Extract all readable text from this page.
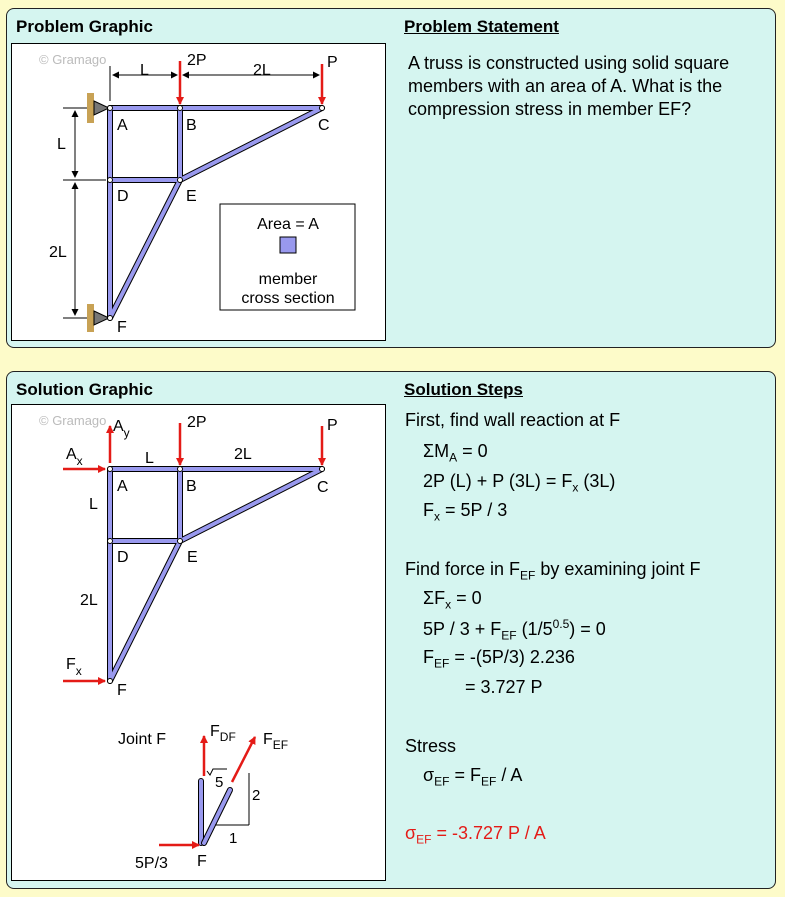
Problem Graphic	Problem Statement

A truss is constructed using solid square members with an area of A. What is the compression stress in member EF?

© Gramago
L	2L
L
2L
2P	P
A	B	C
D	E
F
Area = A
member
cross section
Solution Graphic	Solution Steps
© Gramago $A_y$
$A_x$
$F_x$
2P	P
L	2L
L
2L
A	B	C
D	E
F
Joint F	$F_{DF}$ $F_{EF}$
5
2
1
5P/3 F
First, find wall reaction at F
$\Sigma M_A = 0$
2P (L) + P $(3L) = F_x$ (3L)
$F_x = 5P / 3$
Find force in $F_{EF}$ by examining joint F
$\Sigma F_x = 0$
$5P / 3 + F_{EF}$ $(1/5^{0.5}) = 0$
$F_{EF} = -(5P/3)$ 2.236
= 3.727 P
Stress
$\sigma_{EF} = F_{EF} / A$
$\sigma_{EF} = -3.727$ P / A
